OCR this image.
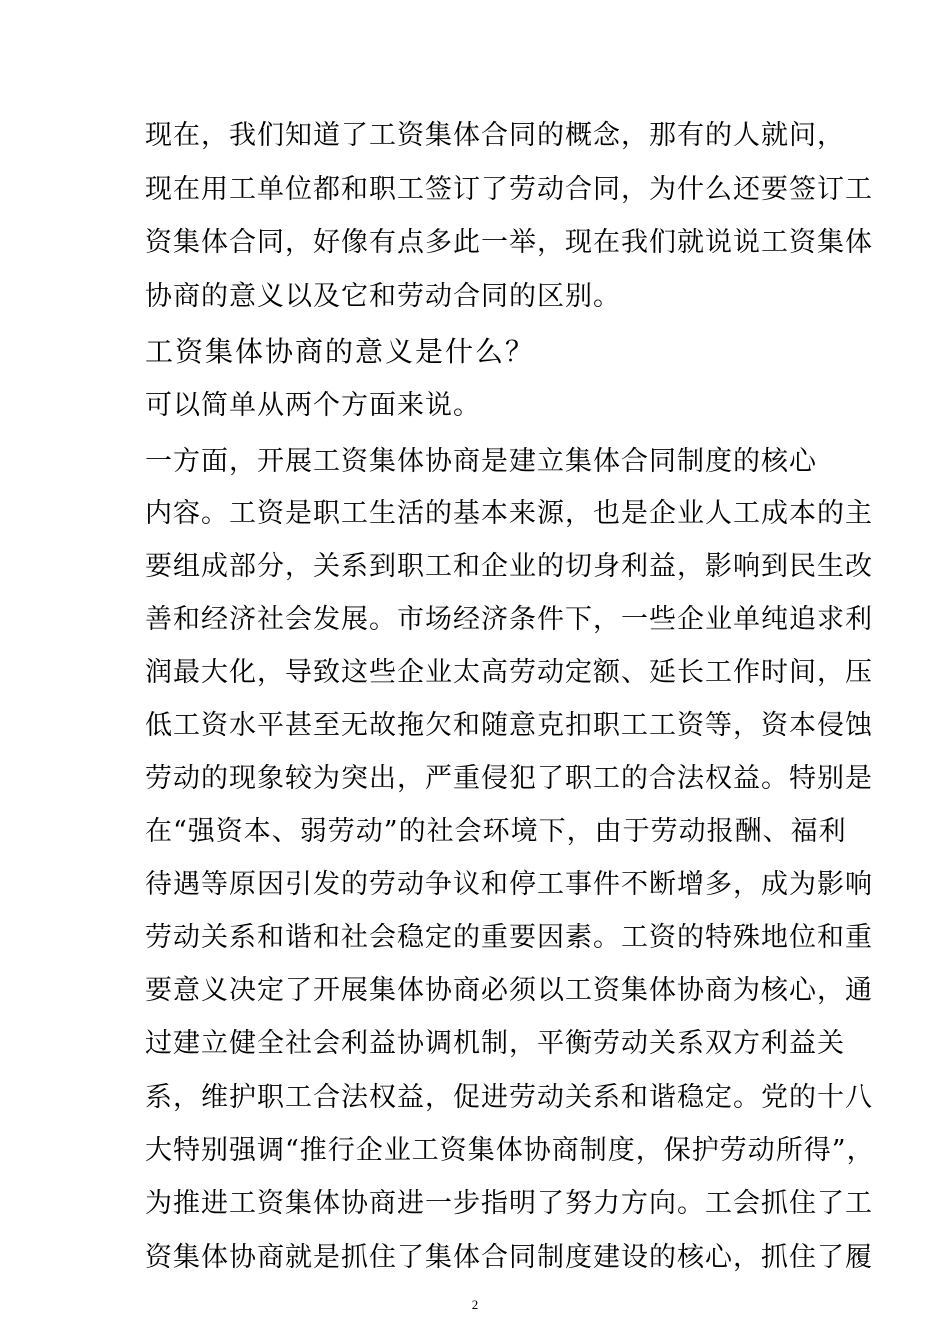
现在，我们知道了工资集体合同的概念，那有的人就问，
现在用工单位都和职工签订了劳动合同，为什么还要签订工
资集体合同，好像有点多此一举，现在我们就说说工资集体
协商的意义以及它和劳动合同的区别。
工资集体协商的意义是什么？
可以简单从两个方面来说。
一方面，开展工资集体协商是建立集体合同制度的核心
内容。工资是职工生活的基本来源，也是企业人工成本的主
要组成部分，关系到职工和企业的切身利益，影响到民生改
善和经济社会发展。市场经济条件下，一些企业单纯追求利
润最大化，导致这些企业太高劳动定额、延长工作时间，压
低工资水平甚至无故拖欠和随意克扣职工工资等，资本侵蚀
劳动的现象较为突出，严重侵犯了职工的合法权益。特别是
在“强资本、弱劳动”的社会环境下，由于劳动报酬、福利
待遇等原因引发的劳动争议和停工事件不断增多，成为影响
劳动关系和谐和社会稳定的重要因素。工资的特殊地位和重
要意义决定了开展集体协商必须以工资集体协商为核心，通
过建立健全社会利益协调机制，平衡劳动关系双方利益关
系，维护职工合法权益，促进劳动关系和谐稳定。党的十八
大特别强调“推行企业工资集体协商制度，保护劳动所得”，
为推进工资集体协商进一步指明了努力方向。工会抓住了工
资集体协商就是抓住了集体合同制度建设的核心，抓住了履
2
